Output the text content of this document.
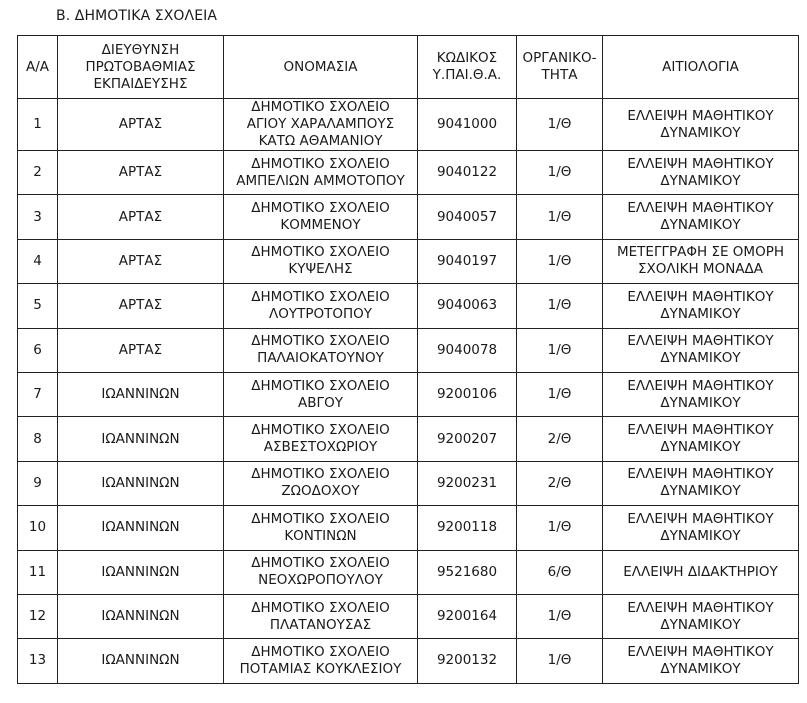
Β. ΔΗΜΟΤΙΚΑ ΣΧΟΛΕΙΑ
Α/Α	ΔΙΕΥΘΥΝΣΗ
ΠΡΩΤΟΒΑΘΜΙΑΣ
ΕΚΠΑΙΔΕΥΣΗΣ	ΟΝΟΜΑΣΙΑ	ΚΩΔΙΚΟΣ
Υ.ΠΑΙ.Θ.Α.	ΟΡΓΑΝΙΚΟ-
ΤΗΤΑ	ΑΙΤΙΟΛΟΓΙΑ

1	ΑΡΤΑΣ	ΔΗΜΟΤΙΚΟ ΣΧΟΛΕΙΟ
ΑΓΙΟΥ ΧΑΡΑΛΑΜΠΟΥΣ
ΚΑΤΩ ΑΘΑΜΑΝΙΟΥ	9041000	1/Θ	ΕΛΛΕΙΨΗ ΜΑΘΗΤΙΚΟΥ
ΔΥΝΑΜΙΚΟΥ

2	ΑΡΤΑΣ	ΔΗΜΟΤΙΚΟ ΣΧΟΛΕΙΟ
ΑΜΠΕΛΙΩΝ ΑΜΜΟΤΟΠΟΥ	9040122	1/Θ	ΕΛΛΕΙΨΗ ΜΑΘΗΤΙΚΟΥ
ΔΥΝΑΜΙΚΟΥ

3	ΑΡΤΑΣ	ΔΗΜΟΤΙΚΟ ΣΧΟΛΕΙΟ
ΚΟΜΜΕΝΟΥ	9040057	1/Θ	ΕΛΛΕΙΨΗ ΜΑΘΗΤΙΚΟΥ
ΔΥΝΑΜΙΚΟΥ

4	ΑΡΤΑΣ	ΔΗΜΟΤΙΚΟ ΣΧΟΛΕΙΟ
ΚΥΨΕΛΗΣ	9040197	1/Θ	ΜΕΤΕΓΓΡΑΦΗ ΣΕ ΟΜΟΡΗ
ΣΧΟΛΙΚΗ ΜΟΝΑΔΑ

5	ΑΡΤΑΣ	ΔΗΜΟΤΙΚΟ ΣΧΟΛΕΙΟ
ΛΟΥΤΡΟΤΟΠΟΥ	9040063	1/Θ	ΕΛΛΕΙΨΗ ΜΑΘΗΤΙΚΟΥ
ΔΥΝΑΜΙΚΟΥ

6	ΑΡΤΑΣ	ΔΗΜΟΤΙΚΟ ΣΧΟΛΕΙΟ
ΠΑΛΑΙΟΚΑΤΟΥΝΟΥ	9040078	1/Θ	ΕΛΛΕΙΨΗ ΜΑΘΗΤΙΚΟΥ
ΔΥΝΑΜΙΚΟΥ

7	ΙΩΑΝΝΙΝΩΝ	ΔΗΜΟΤΙΚΟ ΣΧΟΛΕΙΟ
ΑΒΓΟΥ	9200106	1/Θ	ΕΛΛΕΙΨΗ ΜΑΘΗΤΙΚΟΥ
ΔΥΝΑΜΙΚΟΥ

8	ΙΩΑΝΝΙΝΩΝ	ΔΗΜΟΤΙΚΟ ΣΧΟΛΕΙΟ
ΑΣΒΕΣΤΟΧΩΡΙΟΥ	9200207	2/Θ	ΕΛΛΕΙΨΗ ΜΑΘΗΤΙΚΟΥ
ΔΥΝΑΜΙΚΟΥ

9	ΙΩΑΝΝΙΝΩΝ	ΔΗΜΟΤΙΚΟ ΣΧΟΛΕΙΟ
ΖΩΟΔΟΧΟΥ	9200231	2/Θ	ΕΛΛΕΙΨΗ ΜΑΘΗΤΙΚΟΥ
ΔΥΝΑΜΙΚΟΥ

10	ΙΩΑΝΝΙΝΩΝ	ΔΗΜΟΤΙΚΟ ΣΧΟΛΕΙΟ
ΚΟΝΤΙΝΩΝ	9200118	1/Θ	ΕΛΛΕΙΨΗ ΜΑΘΗΤΙΚΟΥ
ΔΥΝΑΜΙΚΟΥ

11	ΙΩΑΝΝΙΝΩΝ	ΔΗΜΟΤΙΚΟ ΣΧΟΛΕΙΟ
ΝΕΟΧΩΡΟΠΟΥΛΟΥ	9521680	6/Θ	ΕΛΛΕΙΨΗ ΔΙΔΑΚΤΗΡΙΟΥ

12	ΙΩΑΝΝΙΝΩΝ	ΔΗΜΟΤΙΚΟ ΣΧΟΛΕΙΟ
ΠΛΑΤΑΝΟΥΣΑΣ	9200164	1/Θ	ΕΛΛΕΙΨΗ ΜΑΘΗΤΙΚΟΥ
ΔΥΝΑΜΙΚΟΥ

13	ΙΩΑΝΝΙΝΩΝ	ΔΗΜΟΤΙΚΟ ΣΧΟΛΕΙΟ
ΠΟΤΑΜΙΑΣ ΚΟΥΚΛΕΣΙΟΥ	9200132	1/Θ	ΕΛΛΕΙΨΗ ΜΑΘΗΤΙΚΟΥ
ΔΥΝΑΜΙΚΟΥ
